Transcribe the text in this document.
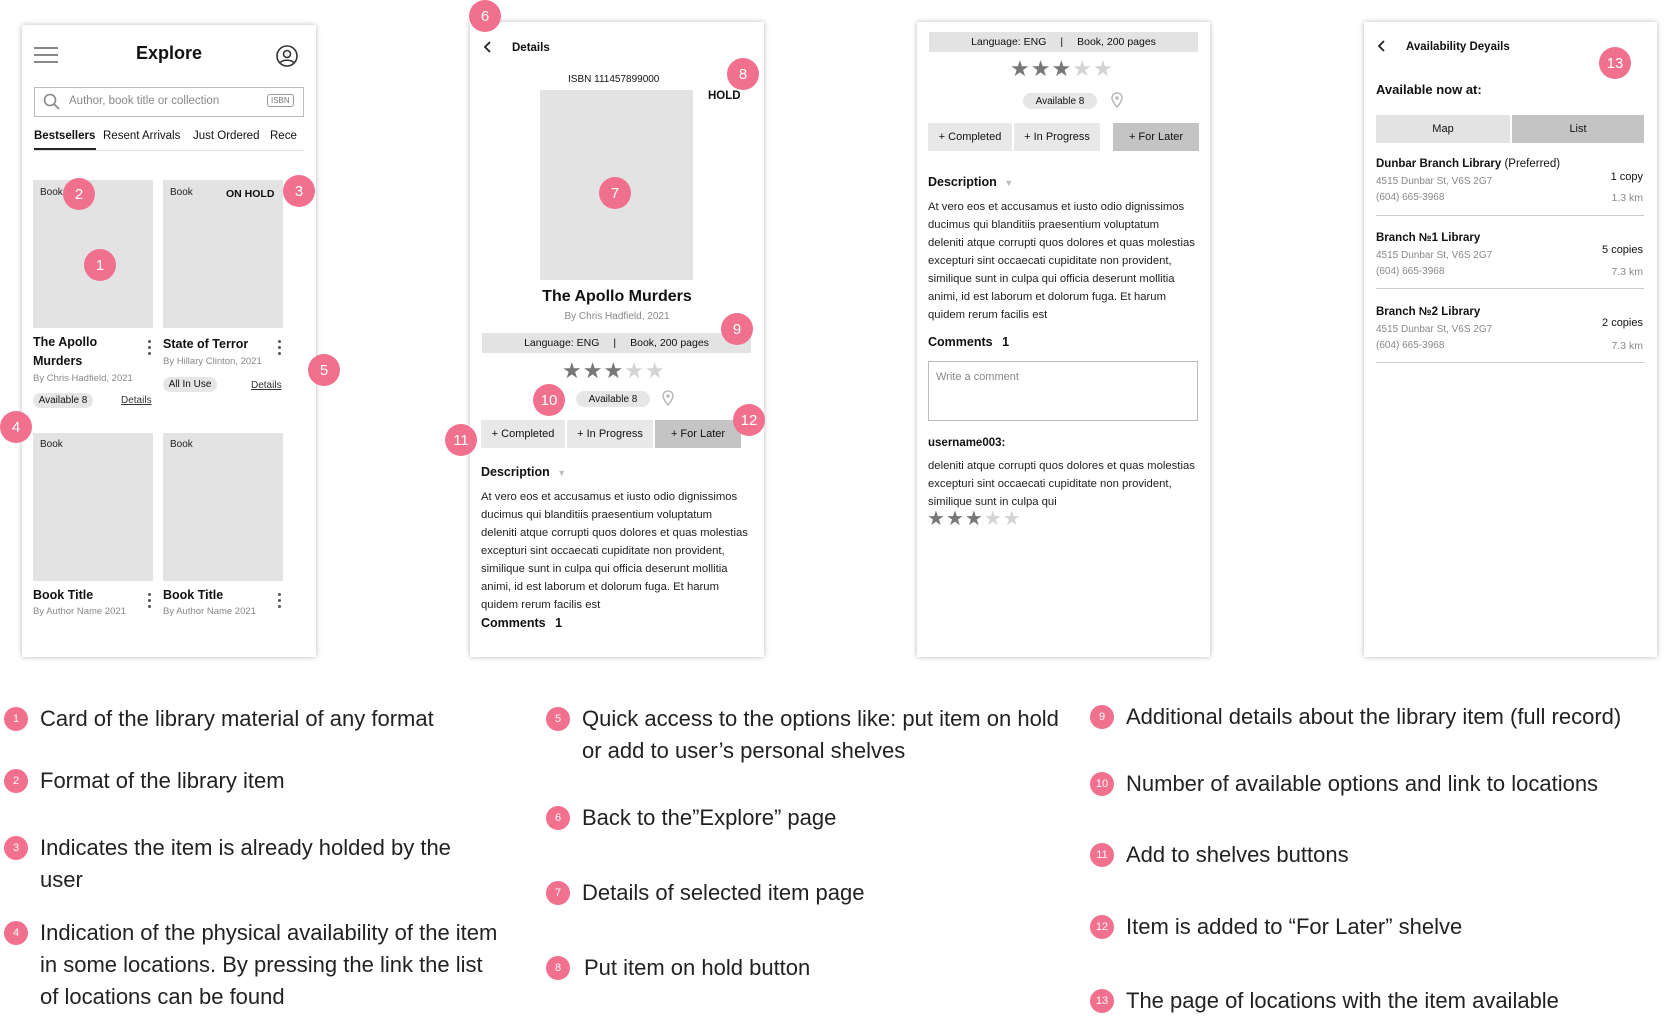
Explore
Author, book title or collection	ISBN
Bestsellers Resent Arrivals Just Ordered Rece
Book
The Apollo
Murders
By Chris Hadfield, 2021
Available 8	Details
Book	ON HOLD
State of Terror
By Hillary Clinton, 2021
All In Use	Details
Book
Book Title
By Author Name 2021
Book
Book Title
By Author Name 2021
Details
ISBN 111457899000
HOLD
The Apollo Murders
By Chris Hadfield, 2021
Language: ENG | Book, 200 pages
★★★★★
Available 8
+ Completed	+ In Progress	+ For Later
Description ▼
At vero eos et accusamus et iusto odio dignissimos ducimus qui blanditiis praesentium voluptatum deleniti atque corrupti quos dolores et quas molestias excepturi sint occaecati cupiditate non provident, similique sunt in culpa qui officia deserunt mollitia animi, id est laborum et dolorum fuga. Et harum quidem rerum facilis est
Comments 1
Language: ENG | Book, 200 pages
★★★★★
Available 8
+ Completed	+ In Progress	+ For Later
Description ▼
At vero eos et accusamus et iusto odio dignissimos ducimus qui blanditiis praesentium voluptatum deleniti atque corrupti quos dolores et quas molestias excepturi sint occaecati cupiditate non provident, similique sunt in culpa qui officia deserunt mollitia animi, id est laborum et dolorum fuga. Et harum quidem rerum facilis est
Comments 1
Write a comment
username003:
deleniti atque corrupti quos dolores et quas molestias excepturi sint occaecati cupiditate non provident, similique sunt in culpa qui
★★★★★
Availability Deyails
Available now at:
Map	List
Dunbar Branch Library (Preferred)
4515 Dunbar St, V6S 2G7
(604) 665-3968
1 copy
1.3 km
Branch №1 Library
4515 Dunbar St, V6S 2G7
(604) 665-3968
5 copies
7.3 km
Branch №2 Library
4515 Dunbar St, V6S 2G7
(604) 665-3968
2 copies
7.3 km
1
2	3
4
5
6
7
8
9
10
11
12
13
1 Card of the library material of any format
2 Format of the library item
3 Indicates the item is already holded by the user
4 Indication of the physical availability of the item in some locations. By pressing the link the list of locations can be found
5 Quick access to the options like: put item on hold or add to user’s personal shelves
6 Back to the”Explore” page
7 Details of selected item page
8	Put item on hold button
9 Additional details about the library item (full record)
10 Number of available options and link to locations
11 Add to shelves buttons
12 Item is added to “For Later” shelve
13 The page of locations with the item available
